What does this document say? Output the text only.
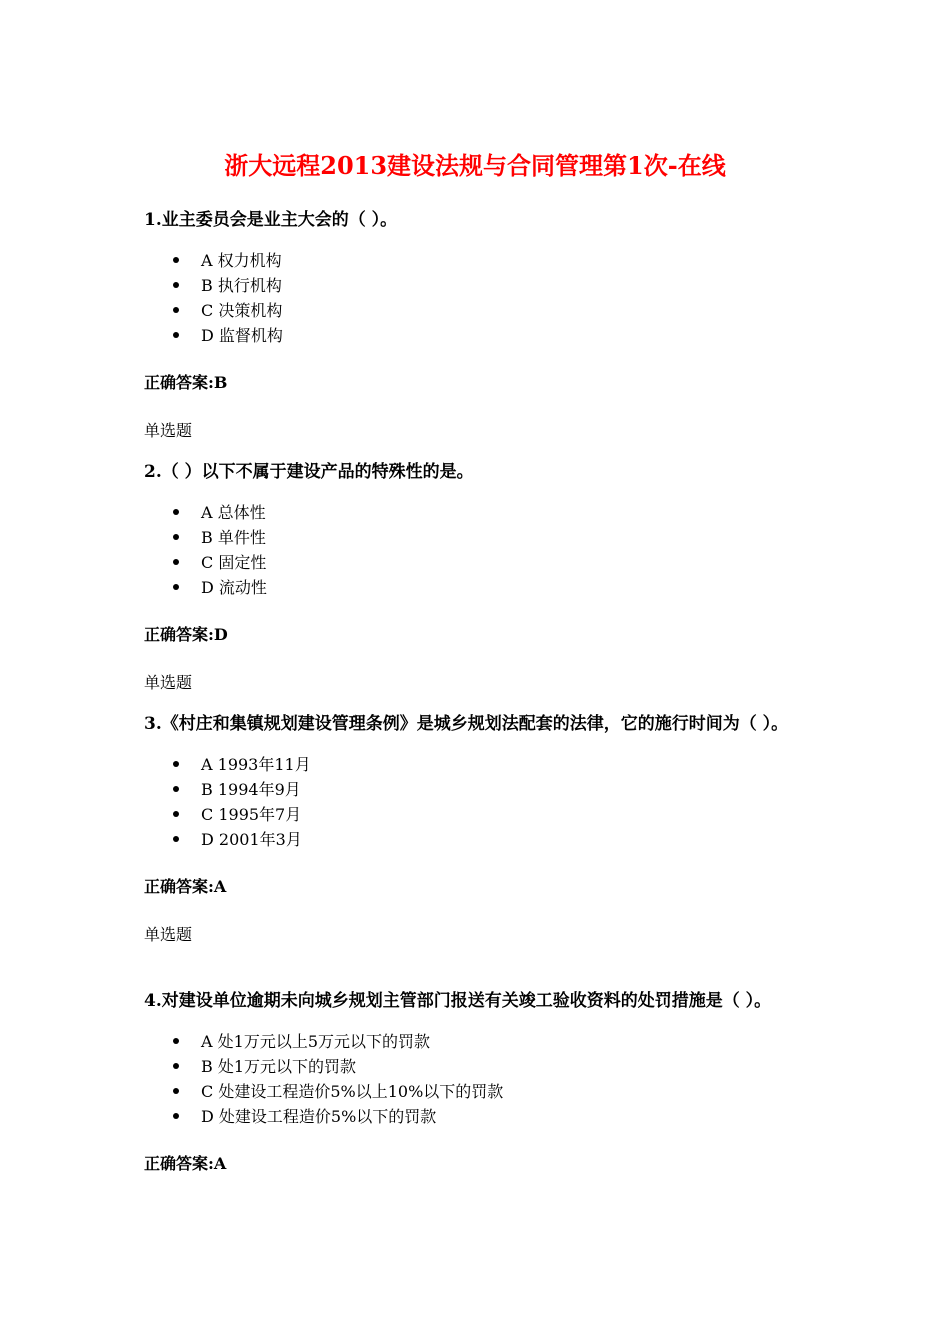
浙大远程2013建设法规与合同管理第1次-在线

1.业主委员会是业主大会的（ ）。

A 权力机构
B 执行机构
C 决策机构
D 监督机构

正确答案:B

单选题

2.（ ）以下不属于建设产品的特殊性的是。

A 总体性
B 单件性
C 固定性
D 流动性

正确答案:D

单选题

3.《村庄和集镇规划建设管理条例》是城乡规划法配套的法律，它的施行时间为（ ）。

A 1993年11月
B 1994年9月
C 1995年7月
D 2001年3月

正确答案:A

单选题

4.对建设单位逾期未向城乡规划主管部门报送有关竣工验收资料的处罚措施是（ ）。

A 处1万元以上5万元以下的罚款
B 处1万元以下的罚款
C 处建设工程造价5%以上10%以下的罚款
D 处建设工程造价5%以下的罚款

正确答案:A
